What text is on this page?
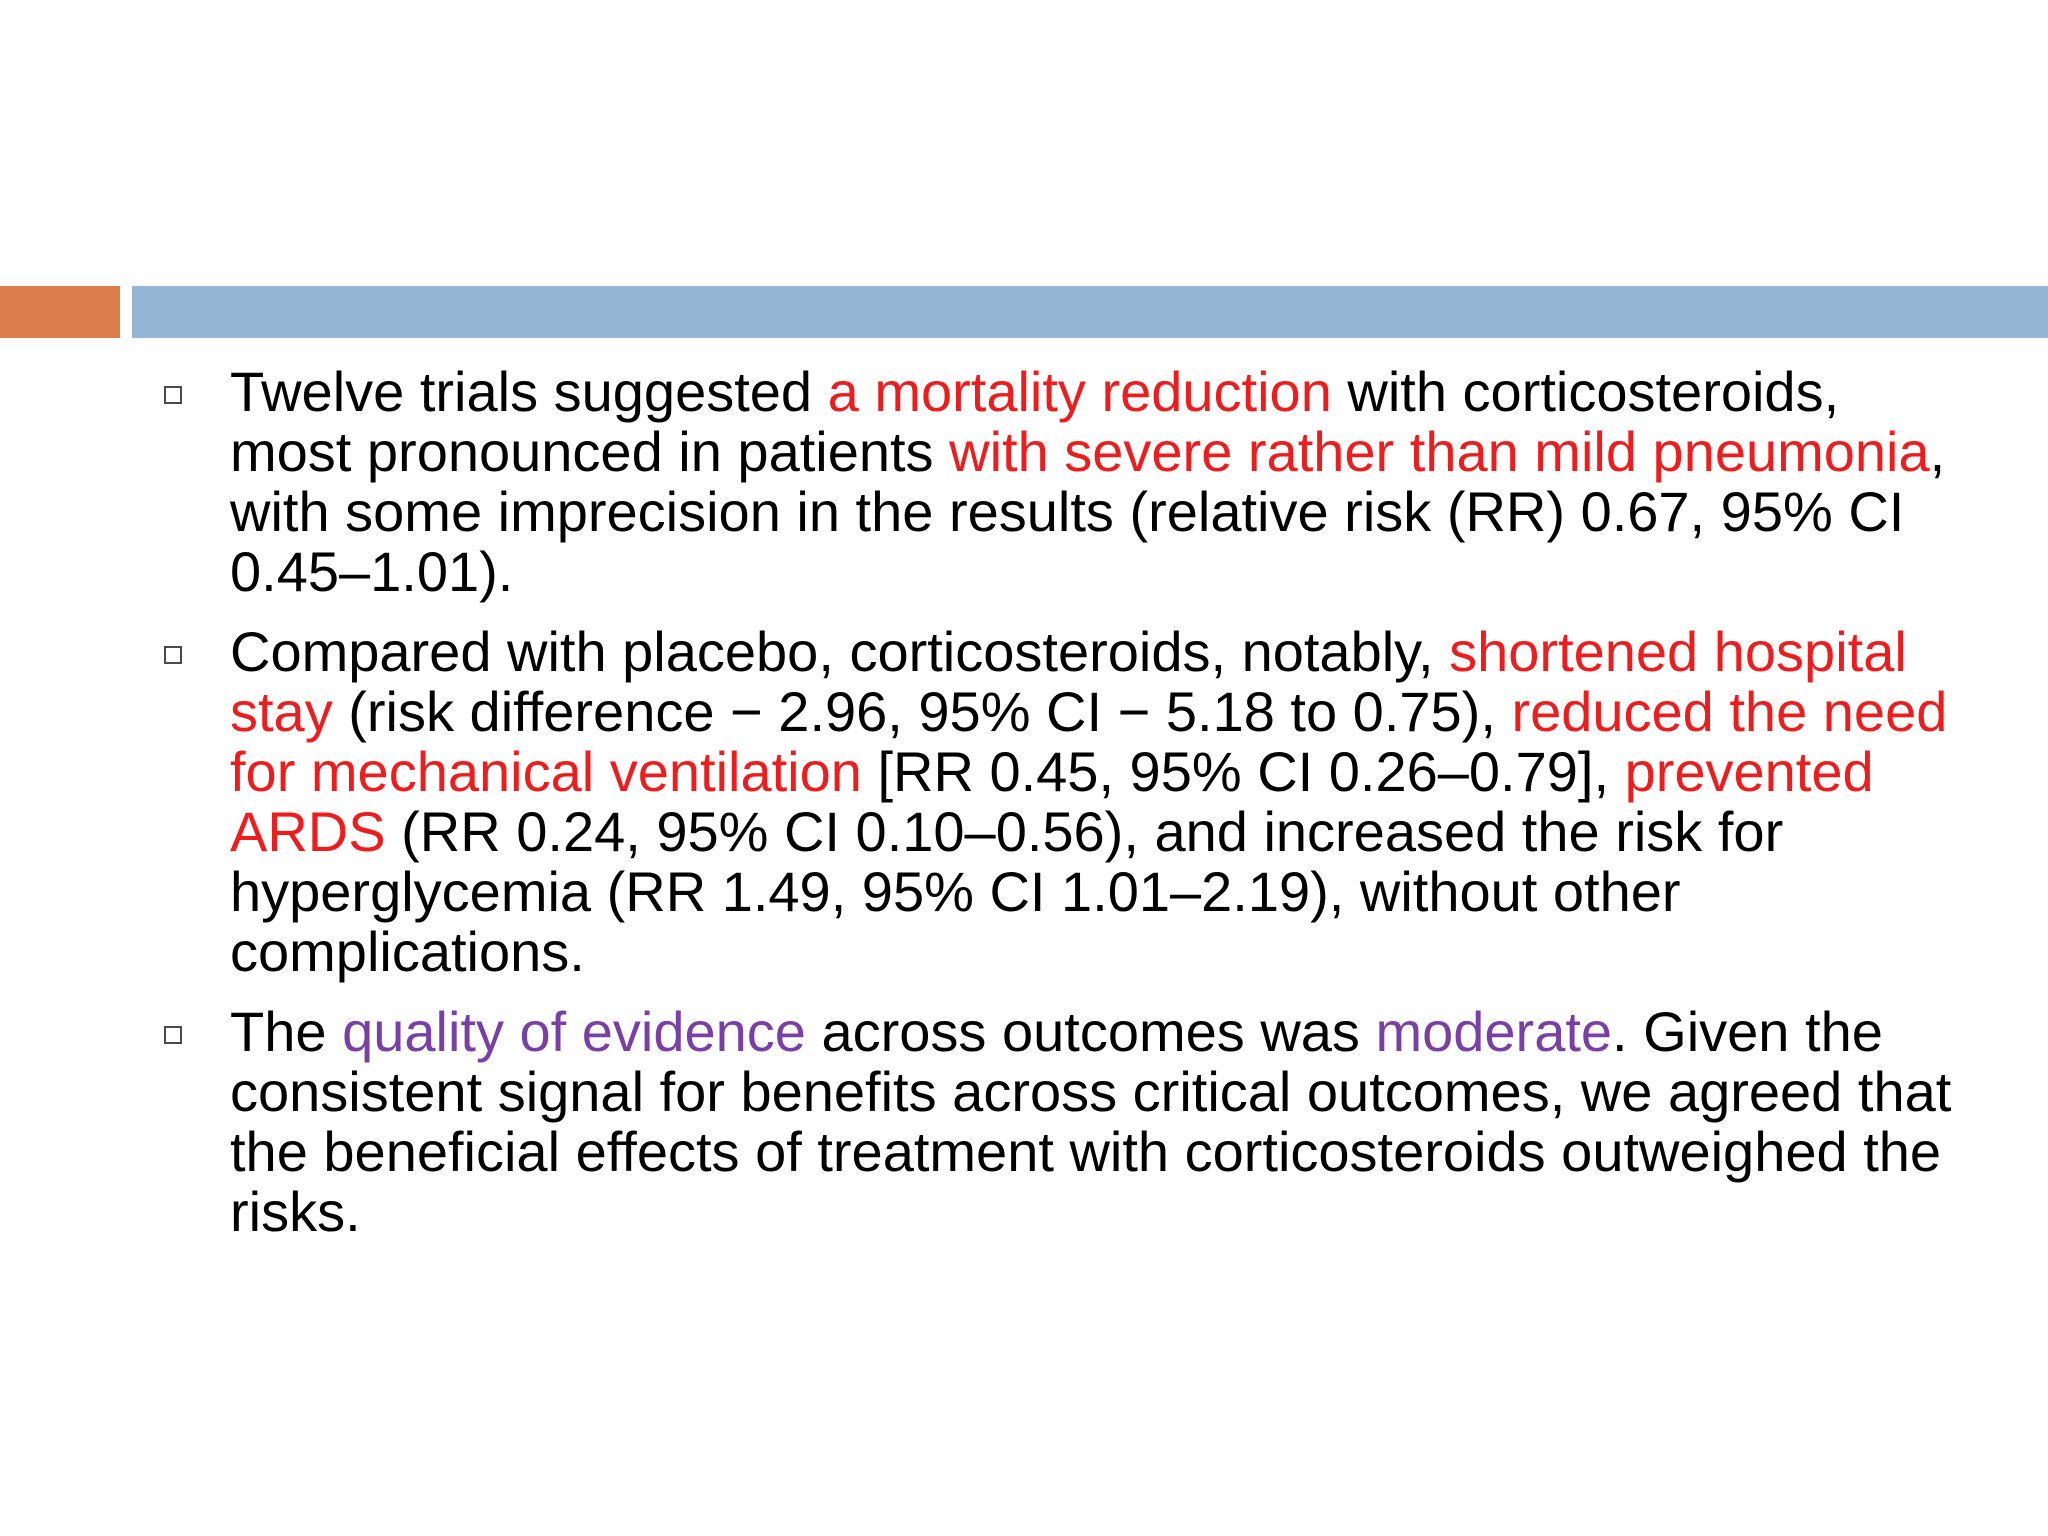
Twelve trials suggested a mortality reduction with corticosteroids, most pronounced in patients with severe rather than mild pneumonia, with some imprecision in the results (relative risk (RR) 0.67, 95% CI 0.45–1.01).
Compared with placebo, corticosteroids, notably, shortened hospital stay (risk difference − 2.96, 95% CI − 5.18 to 0.75), reduced the need for mechanical ventilation [RR 0.45, 95% CI 0.26–0.79], prevented ARDS (RR 0.24, 95% CI 0.10–0.56), and increased the risk for hyperglycemia (RR 1.49, 95% CI 1.01–2.19), without other complications.
The quality of evidence across outcomes was moderate. Given the consistent signal for benefits across critical outcomes, we agreed that the beneficial effects of treatment with corticosteroids outweighed the risks.
